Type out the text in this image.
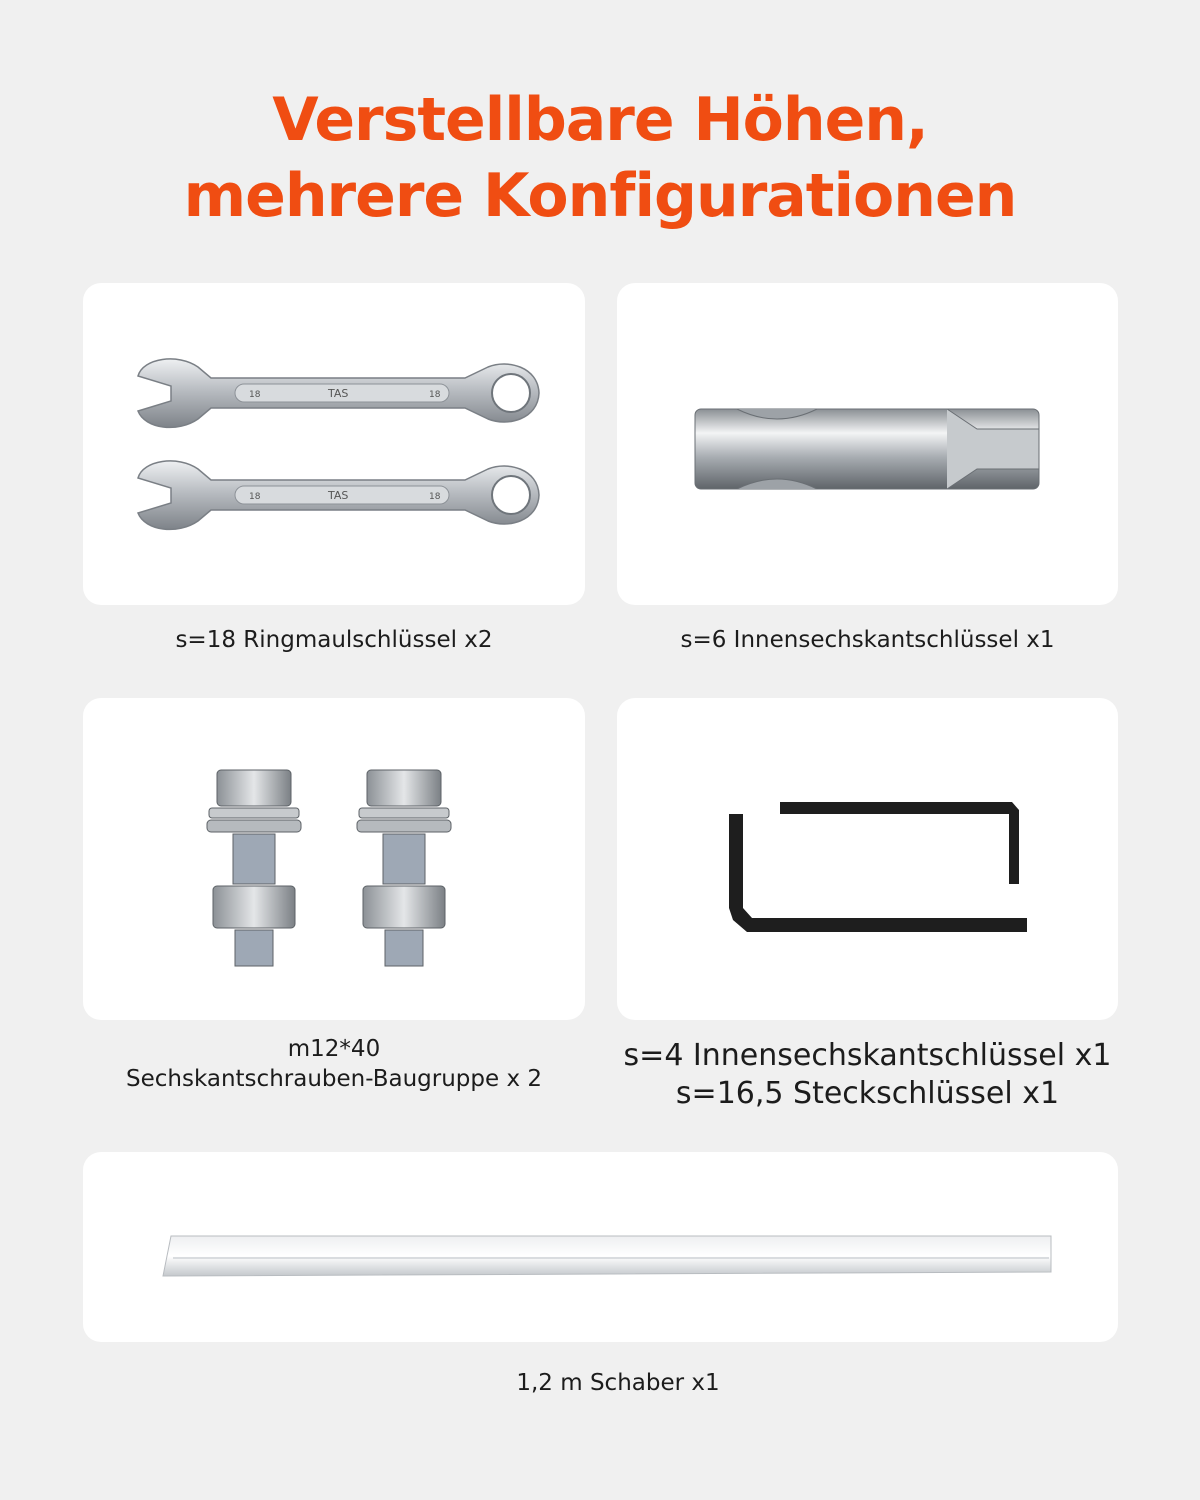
Verstellbare Höhen,
mehrere Konfigurationen
TAS
18	18
TAS
18	18
s=18 Ringmaulschlüssel x2	s=6 Innensechskantschlüssel x1
m12*40
Sechskantschrauben-Baugruppe x 2
s=4 Innensechskantschlüssel x1
s=16,5 Steckschlüssel x1
1,2 m Schaber x1
